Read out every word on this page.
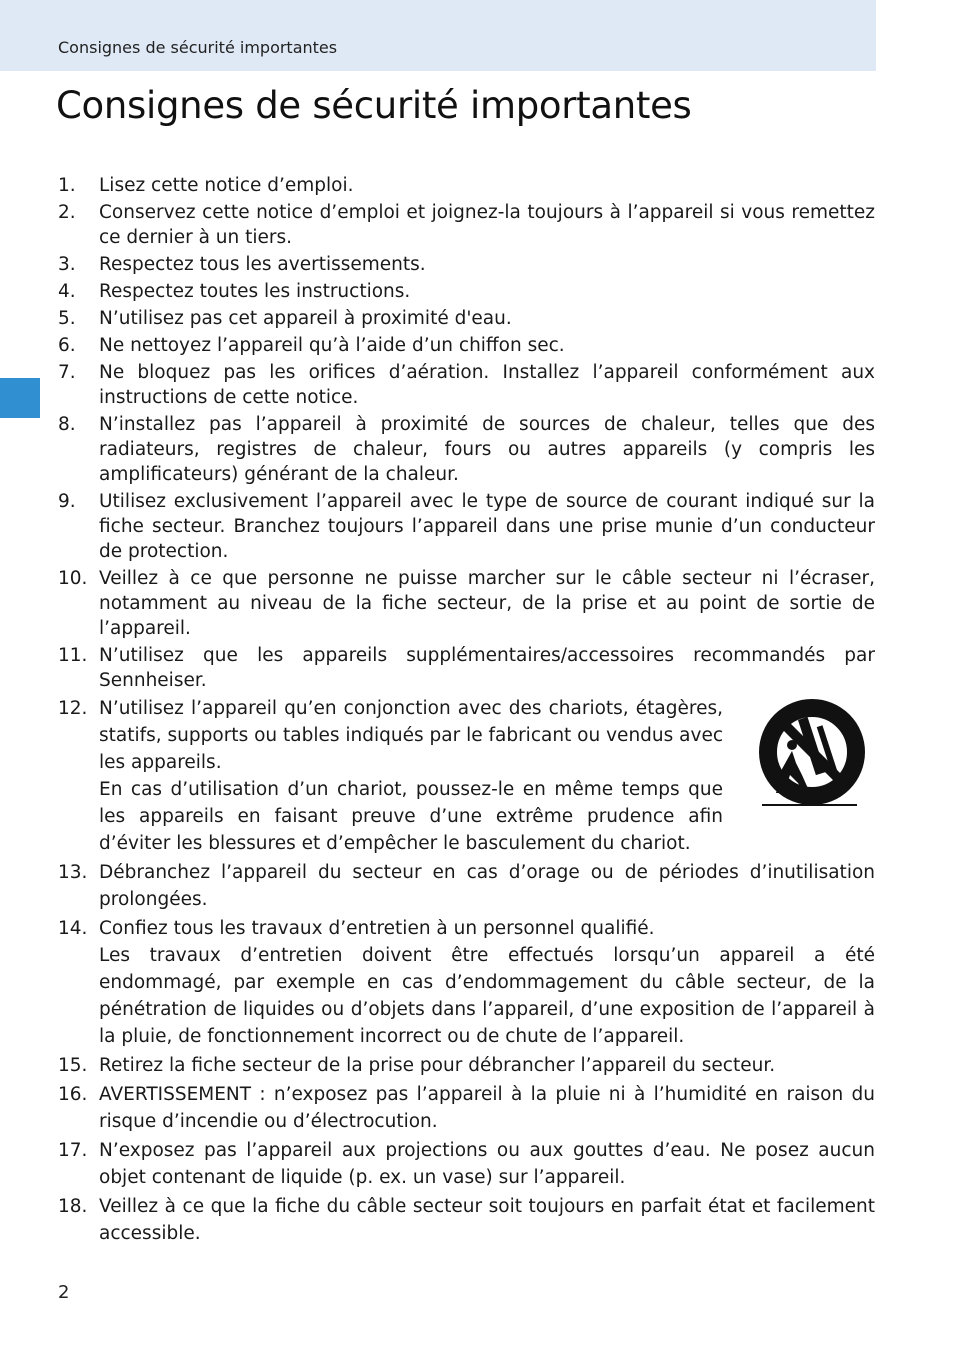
Consignes de sécurité importantes
Consignes de sécurité importantes
1.	Lisez cette notice d’emploi.
2.	Conservez cette notice d’emploi et joignez-la toujours à l’appareil si vous remettez ce dernier à un tiers.
3.	Respectez tous les avertissements.
4.	Respectez toutes les instructions.
5.	N’utilisez pas cet appareil à proximité d'eau.
6.	Ne nettoyez l’appareil qu’à l’aide d’un chiffon sec.
7.	Ne bloquez pas les orifices d’aération. Installez l’appareil conformément aux instructions de cette notice.
8.	N’installez pas l’appareil à proximité de sources de chaleur, telles que des radiateurs, registres de chaleur, fours ou autres appareils (y compris les amplificateurs) générant de la chaleur.
9.	Utilisez exclusivement l’appareil avec le type de source de courant indiqué sur la fiche secteur. Branchez toujours l’appareil dans une prise munie d’un conducteur de protection.
10. Veillez à ce que personne ne puisse marcher sur le câble secteur ni l’écraser, notamment au niveau de la fiche secteur, de la prise et au point de sortie de l’appareil.
11. N’utilisez que les appareils supplémentaires/accessoires recommandés par Sennheiser.
12. N’utilisez l’appareil qu’en conjonction avec des chariots, étagères, statifs, supports ou tables indiqués par le fabricant ou vendus avec les appareils.
En cas d’utilisation d’un chariot, poussez-le en même temps que les appareils en faisant preuve d’une extrême prudence afin d’éviter les blessures et d’empêcher le basculement du chariot.
13. Débranchez l’appareil du secteur en cas d’orage ou de périodes d’inutilisation prolongées.
14. Confiez tous les travaux d’entretien à un personnel qualifié.
Les travaux d’entretien doivent être effectués lorsqu’un appareil a été endommagé, par exemple en cas d’endommagement du câble secteur, de la pénétration de liquides ou d’objets dans l’appareil, d’une exposition de l’appareil à la pluie, de fonctionnement incorrect ou de chute de l’appareil.
15. Retirez la fiche secteur de la prise pour débrancher l’appareil du secteur.
16. AVERTISSEMENT : n’exposez pas l’appareil à la pluie ni à l’humidité en raison du risque d’incendie ou d’électrocution.
17. N’exposez pas l’appareil aux projections ou aux gouttes d’eau. Ne posez aucun objet contenant de liquide (p. ex. un vase) sur l’appareil.
18. Veillez à ce que la fiche du câble secteur soit toujours en parfait état et facilement accessible.
2
